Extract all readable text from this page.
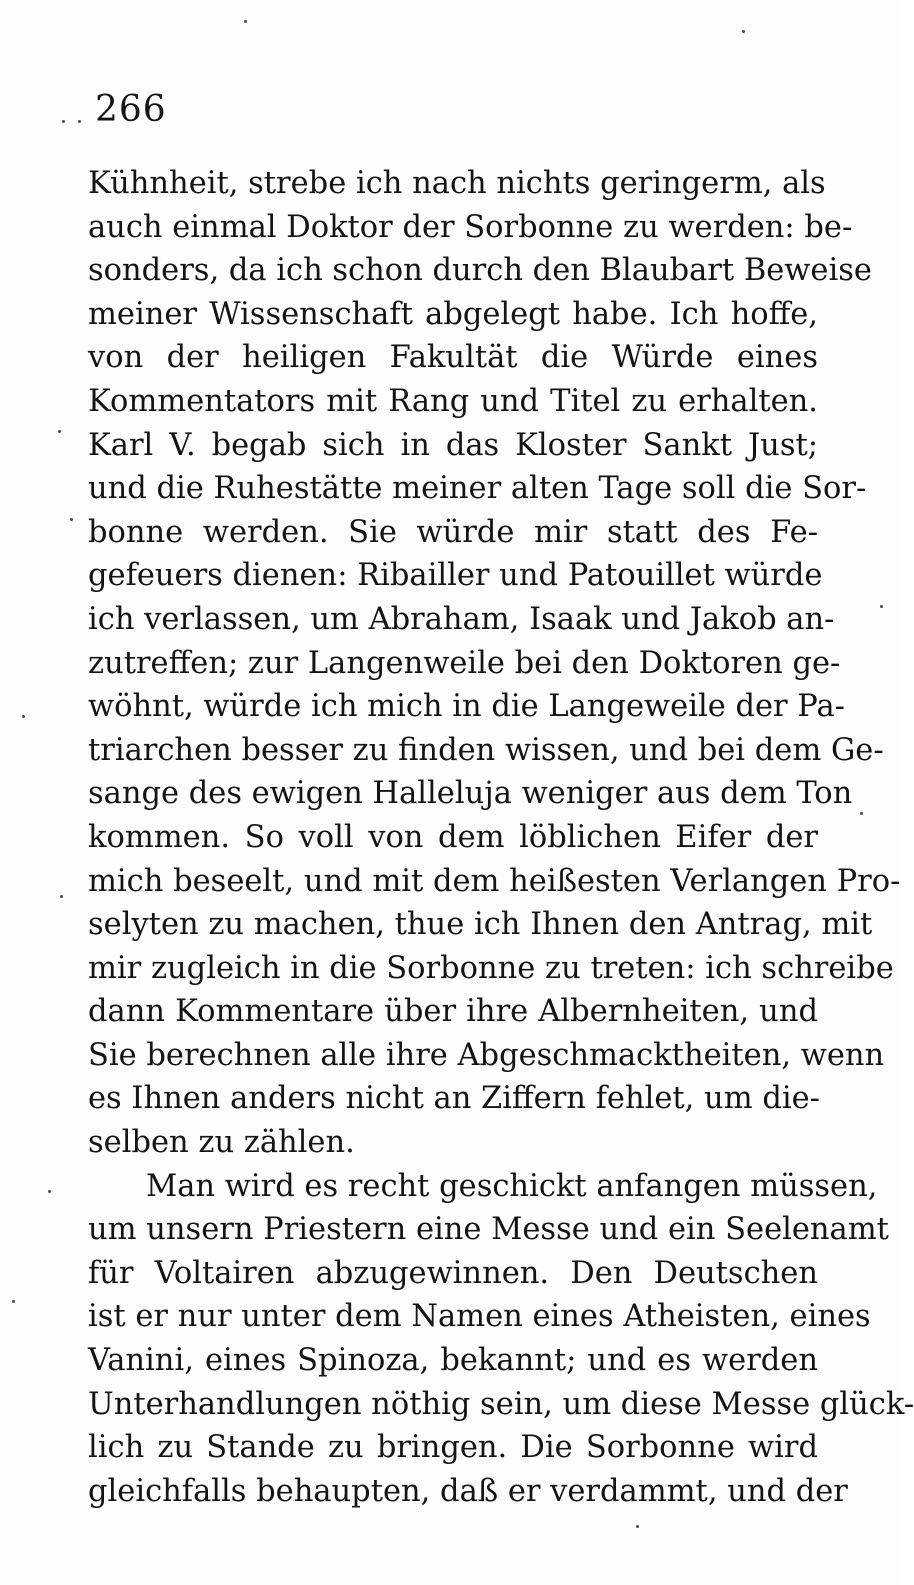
266
Kühnheit, strebe ich nach nichts geringerm, als
auch einmal Doktor der Sorbonne zu werden: be-
sonders, da ich schon durch den Blaubart Beweise
meiner Wissenschaft abgelegt habe. Ich hoffe,
von der heiligen Fakultät die Würde eines
Kommentators mit Rang und Titel zu erhalten.
Karl V. begab sich in das Kloster Sankt Just;
und die Ruhestätte meiner alten Tage soll die Sor-
bonne werden. Sie würde mir statt des Fe-
gefeuers dienen: Ribailler und Patouillet würde
ich verlassen, um Abraham, Isaak und Jakob an-
zutreffen; zur Langenweile bei den Doktoren ge-
wöhnt, würde ich mich in die Langeweile der Pa-
triarchen besser zu finden wissen, und bei dem Ge-
sange des ewigen Halleluja weniger aus dem Ton
kommen. So voll von dem löblichen Eifer der
mich beseelt, und mit dem heißesten Verlangen Pro-
selyten zu machen, thue ich Ihnen den Antrag, mit
mir zugleich in die Sorbonne zu treten: ich schreibe
dann Kommentare über ihre Albernheiten, und
Sie berechnen alle ihre Abgeschmacktheiten, wenn
es Ihnen anders nicht an Ziffern fehlet, um die-
selben zu zählen.
Man wird es recht geschickt anfangen müssen,
um unsern Priestern eine Messe und ein Seelenamt
für Voltairen abzugewinnen. Den Deutschen
ist er nur unter dem Namen eines Atheisten, eines
Vanini, eines Spinoza, bekannt; und es werden
Unterhandlungen nöthig sein, um diese Messe glück-
lich zu Stande zu bringen. Die Sorbonne wird
gleichfalls behaupten, daß er verdammt, und der
